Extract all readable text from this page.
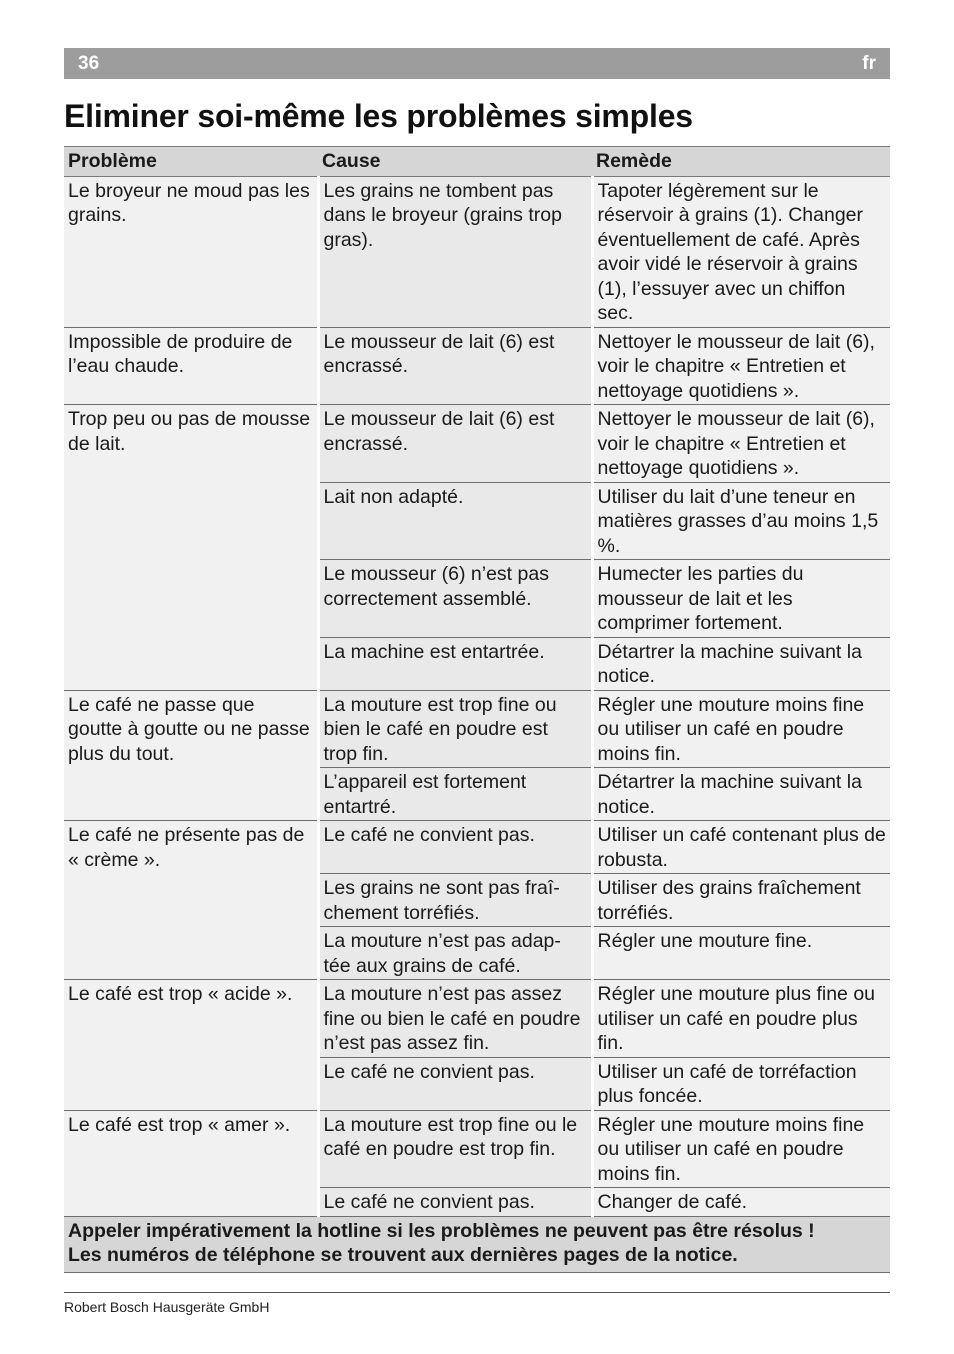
36	fr
Eliminer soi-même les problèmes simples
Problème	Cause	Remède
Le broyeur ne moud pas les grains.	Les grains ne tombent pas dans le broyeur (grains trop gras).	Tapoter légèrement sur le réservoir à grains (1). Changer éventuellement de café. Après avoir vidé le réservoir à grains (1), l’essuyer avec un chiffon sec.
Impossible de produire de l’eau chaude.	Le mousseur de lait (6) est encrassé.	Nettoyer le mousseur de lait (6), voir le chapitre « Entretien et nettoyage quotidiens ».
Trop peu ou pas de mousse de lait.	Le mousseur de lait (6) est encrassé.	Nettoyer le mousseur de lait (6), voir le chapitre « Entretien et nettoyage quotidiens ».
	Lait non adapté.	Utiliser du lait d’une teneur en matières grasses d’au moins 1,5 %.
	Le mousseur (6) n’est pas correctement assemblé.	Humecter les parties du mousseur de lait et les comprimer fortement.
	La machine est entartrée.	Détartrer la machine suivant la notice.
Le café ne passe que goutte à goutte ou ne passe plus du tout.	La mouture est trop fine ou bien le café en poudre est trop fin.	Régler une mouture moins fine ou utiliser un café en poudre moins fin.
	L’appareil est fortement entartré.	Détartrer la machine suivant la notice.
Le café ne présente pas de « crème ».	Le café ne convient pas.	Utiliser un café contenant plus de robusta.
	Les grains ne sont pas fraî-chement torréfiés.	Utiliser des grains fraîchement torréfiés.
	La mouture n’est pas adap-tée aux grains de café.	Régler une mouture fine.
Le café est trop « acide ».	La mouture n’est pas assez fine ou bien le café en poudre n’est pas assez fin.	Régler une mouture plus fine ou utiliser un café en poudre plus fin.
	Le café ne convient pas.	Utiliser un café de torréfaction plus foncée.
Le café est trop « amer ».	La mouture est trop fine ou le café en poudre est trop fin.	Régler une mouture moins fine ou utiliser un café en poudre moins fin.
	Le café ne convient pas.	Changer de café.

Appeler impérativement la hotline si les problèmes ne peuvent pas être résolus !
Les numéros de téléphone se trouvent aux dernières pages de la notice.		
Robert Bosch Hausgeräte GmbH
